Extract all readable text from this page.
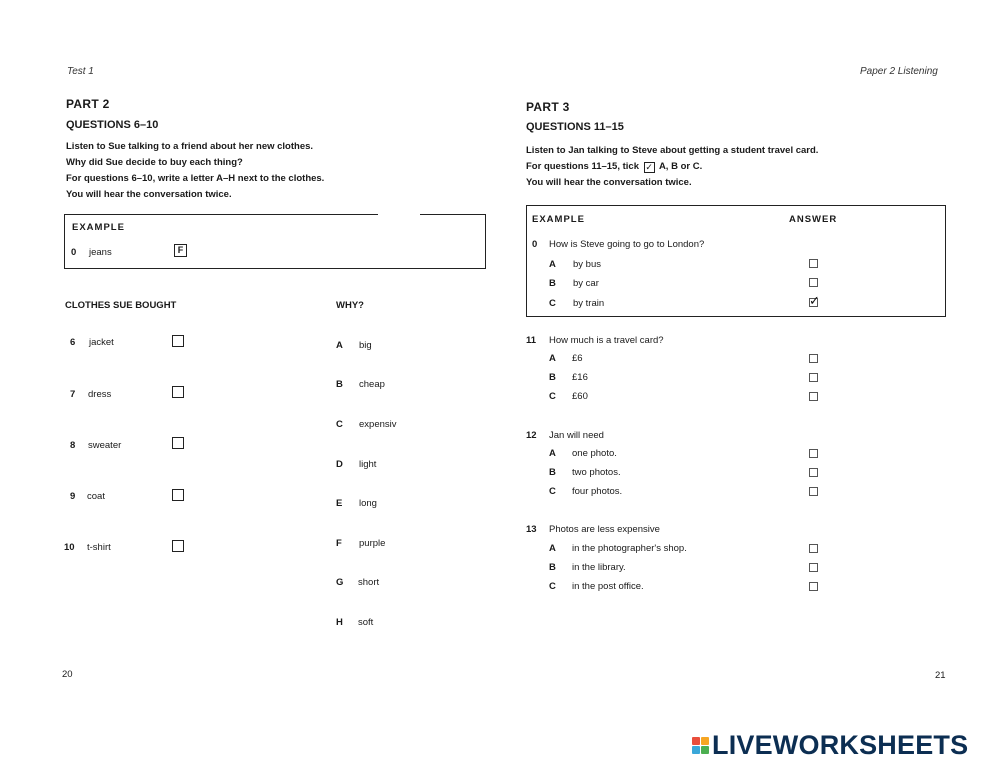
Test 1	Paper 2 Listening
PART 2
QUESTIONS 6–10
Listen to Sue talking to a friend about her new clothes.
Why did Sue decide to buy each thing?
For questions 6–10, write a letter A–H next to the clothes.
You will hear the conversation twice.
EXAMPLE
0 jeans	F
CLOTHES SUE BOUGHT	WHY?
6 jacket
7 dress
8 sweater
9 coat
10 t-shirt
A big
B cheap
C expensiv
D light
E long
F purple
G short
H soft
20
PART 3
QUESTIONS 11–15
Listen to Jan talking to Steve about getting a student travel card.
For questions 11–15, tick ✓ A, B or C.
You will hear the conversation twice.
EXAMPLE	ANSWER
0 How is Steve going to go to London?
A by bus
B by car
C by train	✓
11 How much is a travel card?
A £6
B £16
C £60
12 Jan will need
A one photo.
B two photos.
C four photos.
13 Photos are less expensive
A in the photographer's shop.
B in the library.
C in the post office.
21
LIVEWORKSHEETS
